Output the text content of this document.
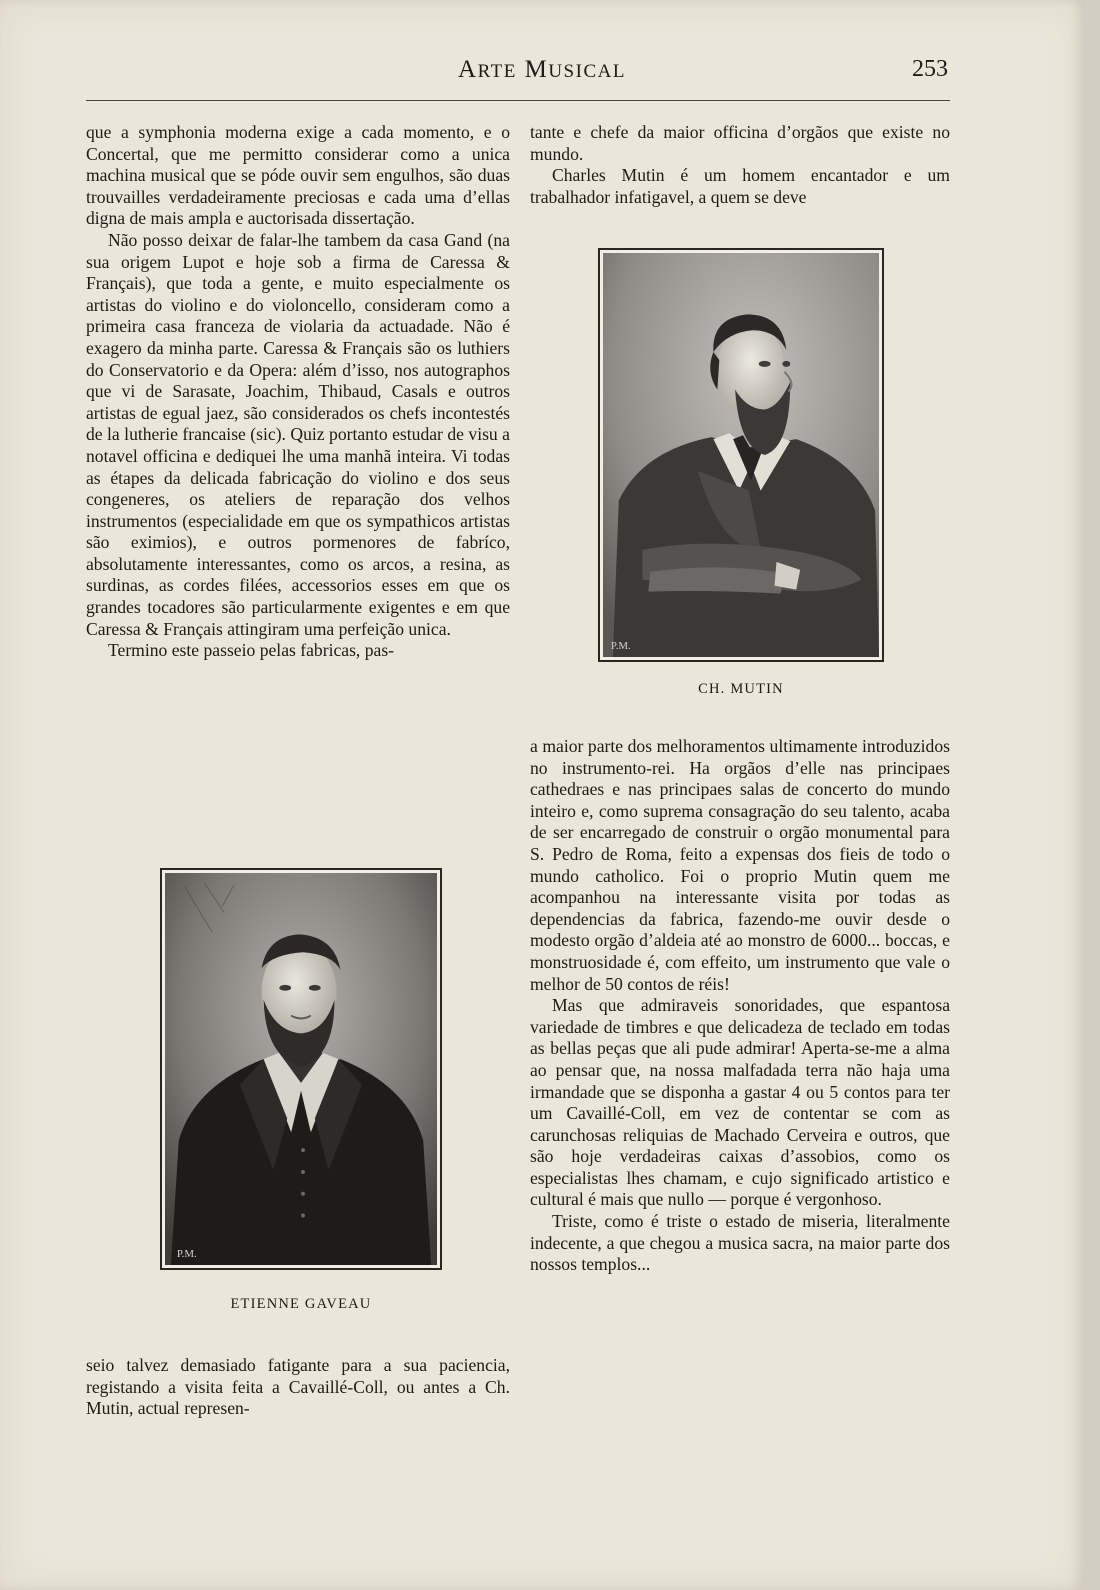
ARTE MUSICAL	253

que a symphonia moderna exige a cada momento, e o Concertal, que me permitto considerar como a unica machina musical que se póde ouvir sem engulhos, são duas trouvailles verdadeiramente preciosas e cada uma d’ellas digna de mais ampla e auctorisada dissertação.

Não posso deixar de falar-lhe tambem da casa Gand (na sua origem Lupot e hoje sob a firma de Caressa & Français), que toda a gente, e muito especialmente os artistas do violino e do violoncello, consideram como a primeira casa franceza de violaria da actuadade. Não é exagero da minha parte. Caressa & Français são os luthiers do Conservatorio e da Opera: além d’isso, nos autographos que vi de Sarasate, Joachim, Thibaud, Casals e outros artistas de egual jaez, são considerados os chefs incontestés de la lutherie francaise (sic). Quiz portanto estudar de visu a notavel officina e dediquei lhe uma manhã inteira. Vi todas as étapes da delicada fabricação do violino e dos seus congeneres, os ateliers de reparação dos velhos instrumentos (especialidade em que os sympathicos artistas são eximios), e outros pormenores de fabríco, absolutamente interessantes, como os arcos, a resina, as surdinas, as cordes filées, accessorios esses em que os grandes tocadores são particularmente exigentes e em que Caressa & Français attingiram uma perfeição unica.

Termino este passeio pelas fabricas, pas-

P.M.
ETIENNE GAVEAU

seio talvez demasiado fatigante para a sua paciencia, registando a visita feita a Cavaillé-Coll, ou antes a Ch. Mutin, actual represen-

tante e chefe da maior officina d’orgãos que existe no mundo.

Charles Mutin é um homem encantador e um trabalhador infatigavel, a quem se deve

P.M.
CH. MUTIN

a maior parte dos melhoramentos ultimamente introduzidos no instrumento-rei. Ha orgãos d’elle nas principaes cathedraes e nas principaes salas de concerto do mundo inteiro e, como suprema consagração do seu talento, acaba de ser encarregado de construir o orgão monumental para S. Pedro de Roma, feito a expensas dos fieis de todo o mundo catholico. Foi o proprio Mutin quem me acompanhou na interessante visita por todas as dependencias da fabrica, fazendo-me ouvir desde o modesto orgão d’aldeia até ao monstro de 6000... boccas, e monstruosidade é, com effeito, um instrumento que vale o melhor de 50 contos de réis!

Mas que admiraveis sonoridades, que espantosa variedade de timbres e que delicadeza de teclado em todas as bellas peças que ali pude admirar! Aperta-se-me a alma ao pensar que, na nossa malfadada terra não haja uma irmandade que se disponha a gastar 4 ou 5 contos para ter um Cavaillé-Coll, em vez de contentar se com as carunchosas reliquias de Machado Cerveira e outros, que são hoje verdadeiras caixas d’assobios, como os especialistas lhes chamam, e cujo significado artistico e cultural é mais que nullo — porque é vergonhoso.

Triste, como é triste o estado de miseria, literalmente indecente, a que chegou a musica sacra, na maior parte dos nossos templos...
